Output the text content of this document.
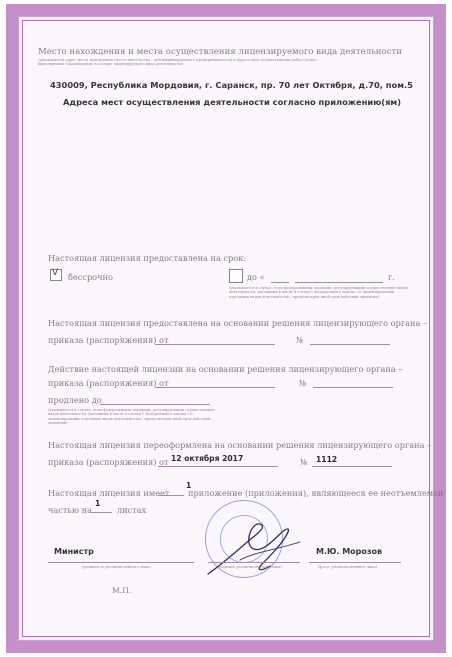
Место нахождения и места осуществления лицензируемого вида деятельности
(указываются адрес места нахождения (место жительства – для индивидуального предпринимателя) и адреса мест осуществления работ (услуг),
выполняемых (оказываемых) в составе лицензируемого вида деятельности)
430009, Республика Мордовия, г. Саранск, пр. 70 лет Октября, д.70, пом.5
Адреса мест осуществления деятельности согласно приложению(ям)
Настоящая лицензия предоставлена на срок:
V бессрочно	до «	г.
(указывается в случае, если федеральными законами, регулирующими осуществление видов деятельности, указанных в части 4 статьи 1 Федерального закона «О лицензировании отдельных видов деятельности», предусмотрен иной срок действия лицензии)
Настоящая лицензия предоставлена на основании решения лицензирующего органа –
приказа (распоряжения) от	№
Действие настоящей лицензии на основании решения лицензирующего органа –
приказа (распоряжения) от	№
продлено до
(указывается в случае, если федеральными законами, регулирующими осуществление видов деятельности, указанных в части 4 статьи 1 Федерального закона «О лицензировании отдельных видов деятельности», предусмотрен иной срок действия лицензии)
Настоящая лицензия переоформлена на основании решения лицензирующего органа –
приказа (распоряжения) от 12 октября 2017	№ 1112
Настоящая лицензия имеет
1
приложение (приложения), являющееся ее неотъемлемой
частью на
1
листах
Министр
(должность уполномоченного лица)	(подпись уполномоченного лица)
М.Ю. Морозов
(ф.и.о. уполномоченного лица)
М.П.
